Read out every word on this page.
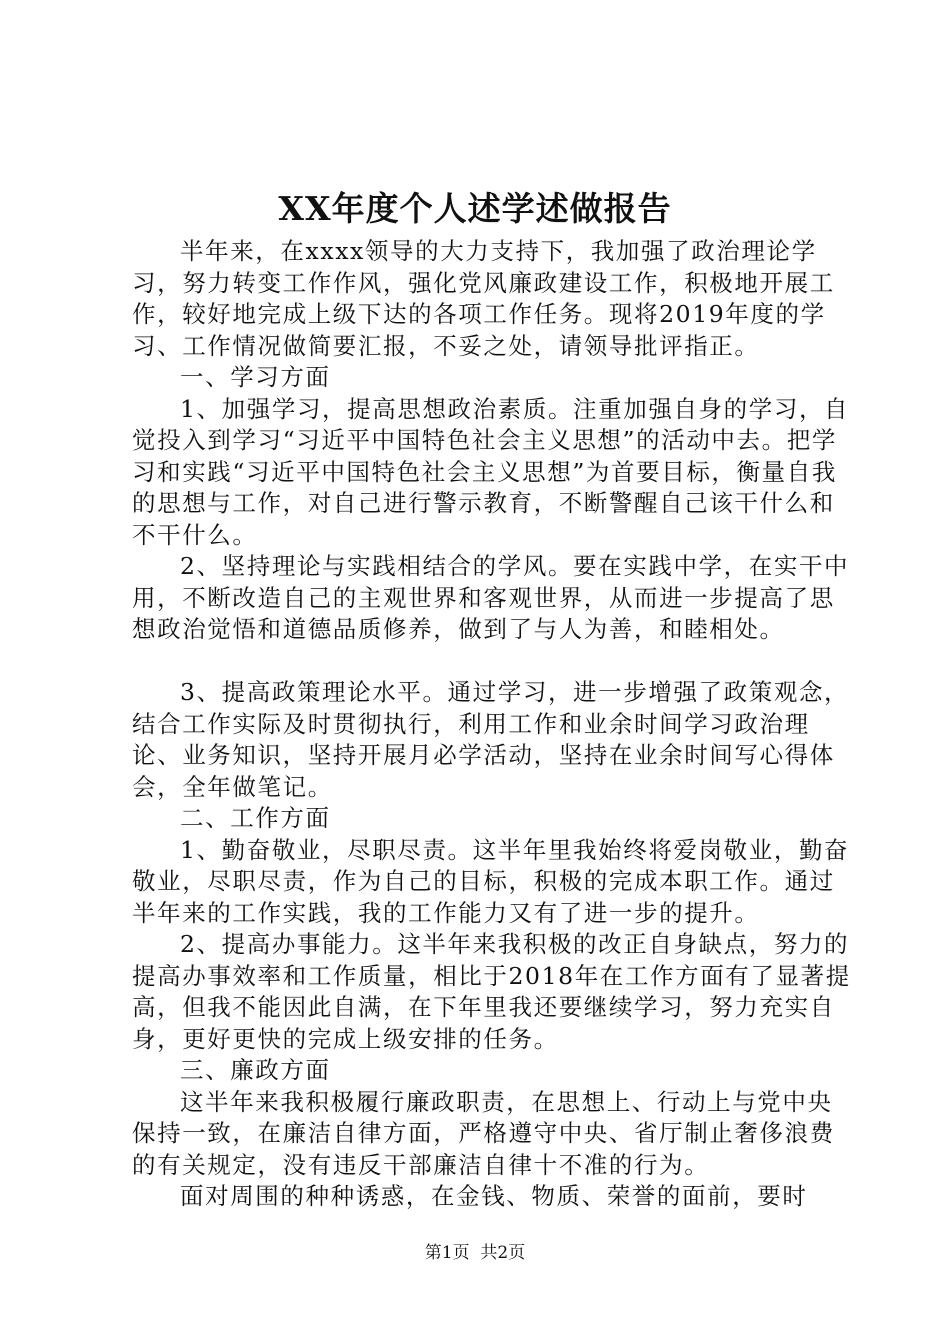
XX年度个人述学述做报告

半年来，在xxxx领导的大力支持下，我加强了政治理论学习，努力转变工作作风，强化党风廉政建设工作，积极地开展工作，较好地完成上级下达的各项工作任务。现将2019年度的学习、工作情况做简要汇报，不妥之处，请领导批评指正。

一、学习方面

1、加强学习，提高思想政治素质。注重加强自身的学习，自觉投入到学习“习近平中国特色社会主义思想”的活动中去。把学习和实践“习近平中国特色社会主义思想”为首要目标，衡量自我的思想与工作，对自己进行警示教育，不断警醒自己该干什么和不干什么。

2、坚持理论与实践相结合的学风。要在实践中学，在实干中用，不断改造自己的主观世界和客观世界，从而进一步提高了思想政治觉悟和道德品质修养，做到了与人为善，和睦相处。

3、提高政策理论水平。通过学习，进一步增强了政策观念，结合工作实际及时贯彻执行，利用工作和业余时间学习政治理论、业务知识，坚持开展月必学活动，坚持在业余时间写心得体会，全年做笔记。

二、工作方面

1、勤奋敬业，尽职尽责。这半年里我始终将爱岗敬业，勤奋敬业，尽职尽责，作为自己的目标，积极的完成本职工作。通过半年来的工作实践，我的工作能力又有了进一步的提升。

2、提高办事能力。这半年来我积极的改正自身缺点，努力的提高办事效率和工作质量，相比于2018年在工作方面有了显著提高，但我不能因此自满，在下年里我还要继续学习，努力充实自身，更好更快的完成上级安排的任务。

三、廉政方面

这半年来我积极履行廉政职责，在思想上、行动上与党中央保持一致，在廉洁自律方面，严格遵守中央、省厅制止奢侈浪费的有关规定，没有违反干部廉洁自律十不准的行为。

面对周围的种种诱惑，在金钱、物质、荣誉的面前，要时

第1页  共2页
